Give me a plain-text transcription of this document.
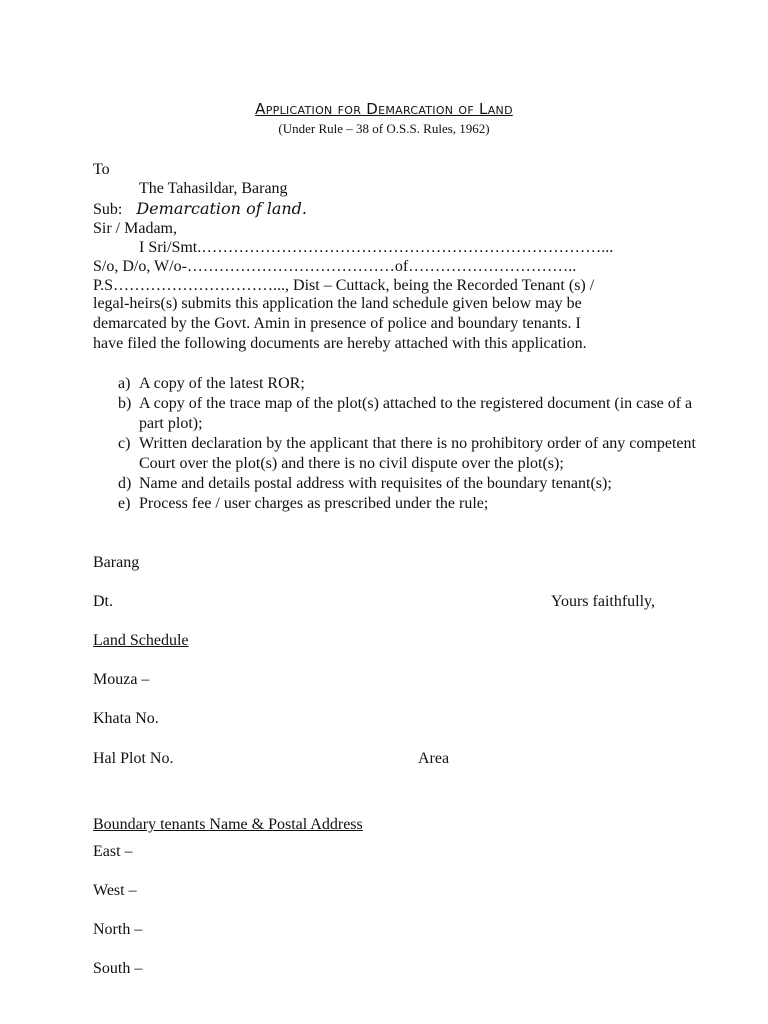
Application for Demarcation of Land
(Under Rule – 38 of O.S.S. Rules, 1962)
To
The Tahasildar, Barang
Sub: Demarcation of land.
Sir / Madam,
I Sri/Smt.…………………………………………………………………...
S/o, D/o, W/o-…………………………………of…………………………..
P.S…………………………..., Dist – Cuttack, being the Recorded Tenant (s) /
legal-heirs(s) submits this application the land schedule given below may be
demarcated by the Govt. Amin in presence of police and boundary tenants. I
have filed the following documents are hereby attached with this application.
a) A copy of the latest ROR;
b) A copy of the trace map of the plot(s) attached to the registered document (in case of a part plot);
c) Written declaration by the applicant that there is no prohibitory order of any competent Court over the plot(s) and there is no civil dispute over the plot(s);
d) Name and details postal address with requisites of the boundary tenant(s);
e) Process fee / user charges as prescribed under the rule;
Barang
Dt.	Yours faithfully,
Land Schedule
Mouza –
Khata No.
Hal Plot No.	Area
Boundary tenants Name & Postal Address
East –
West –
North –
South –
